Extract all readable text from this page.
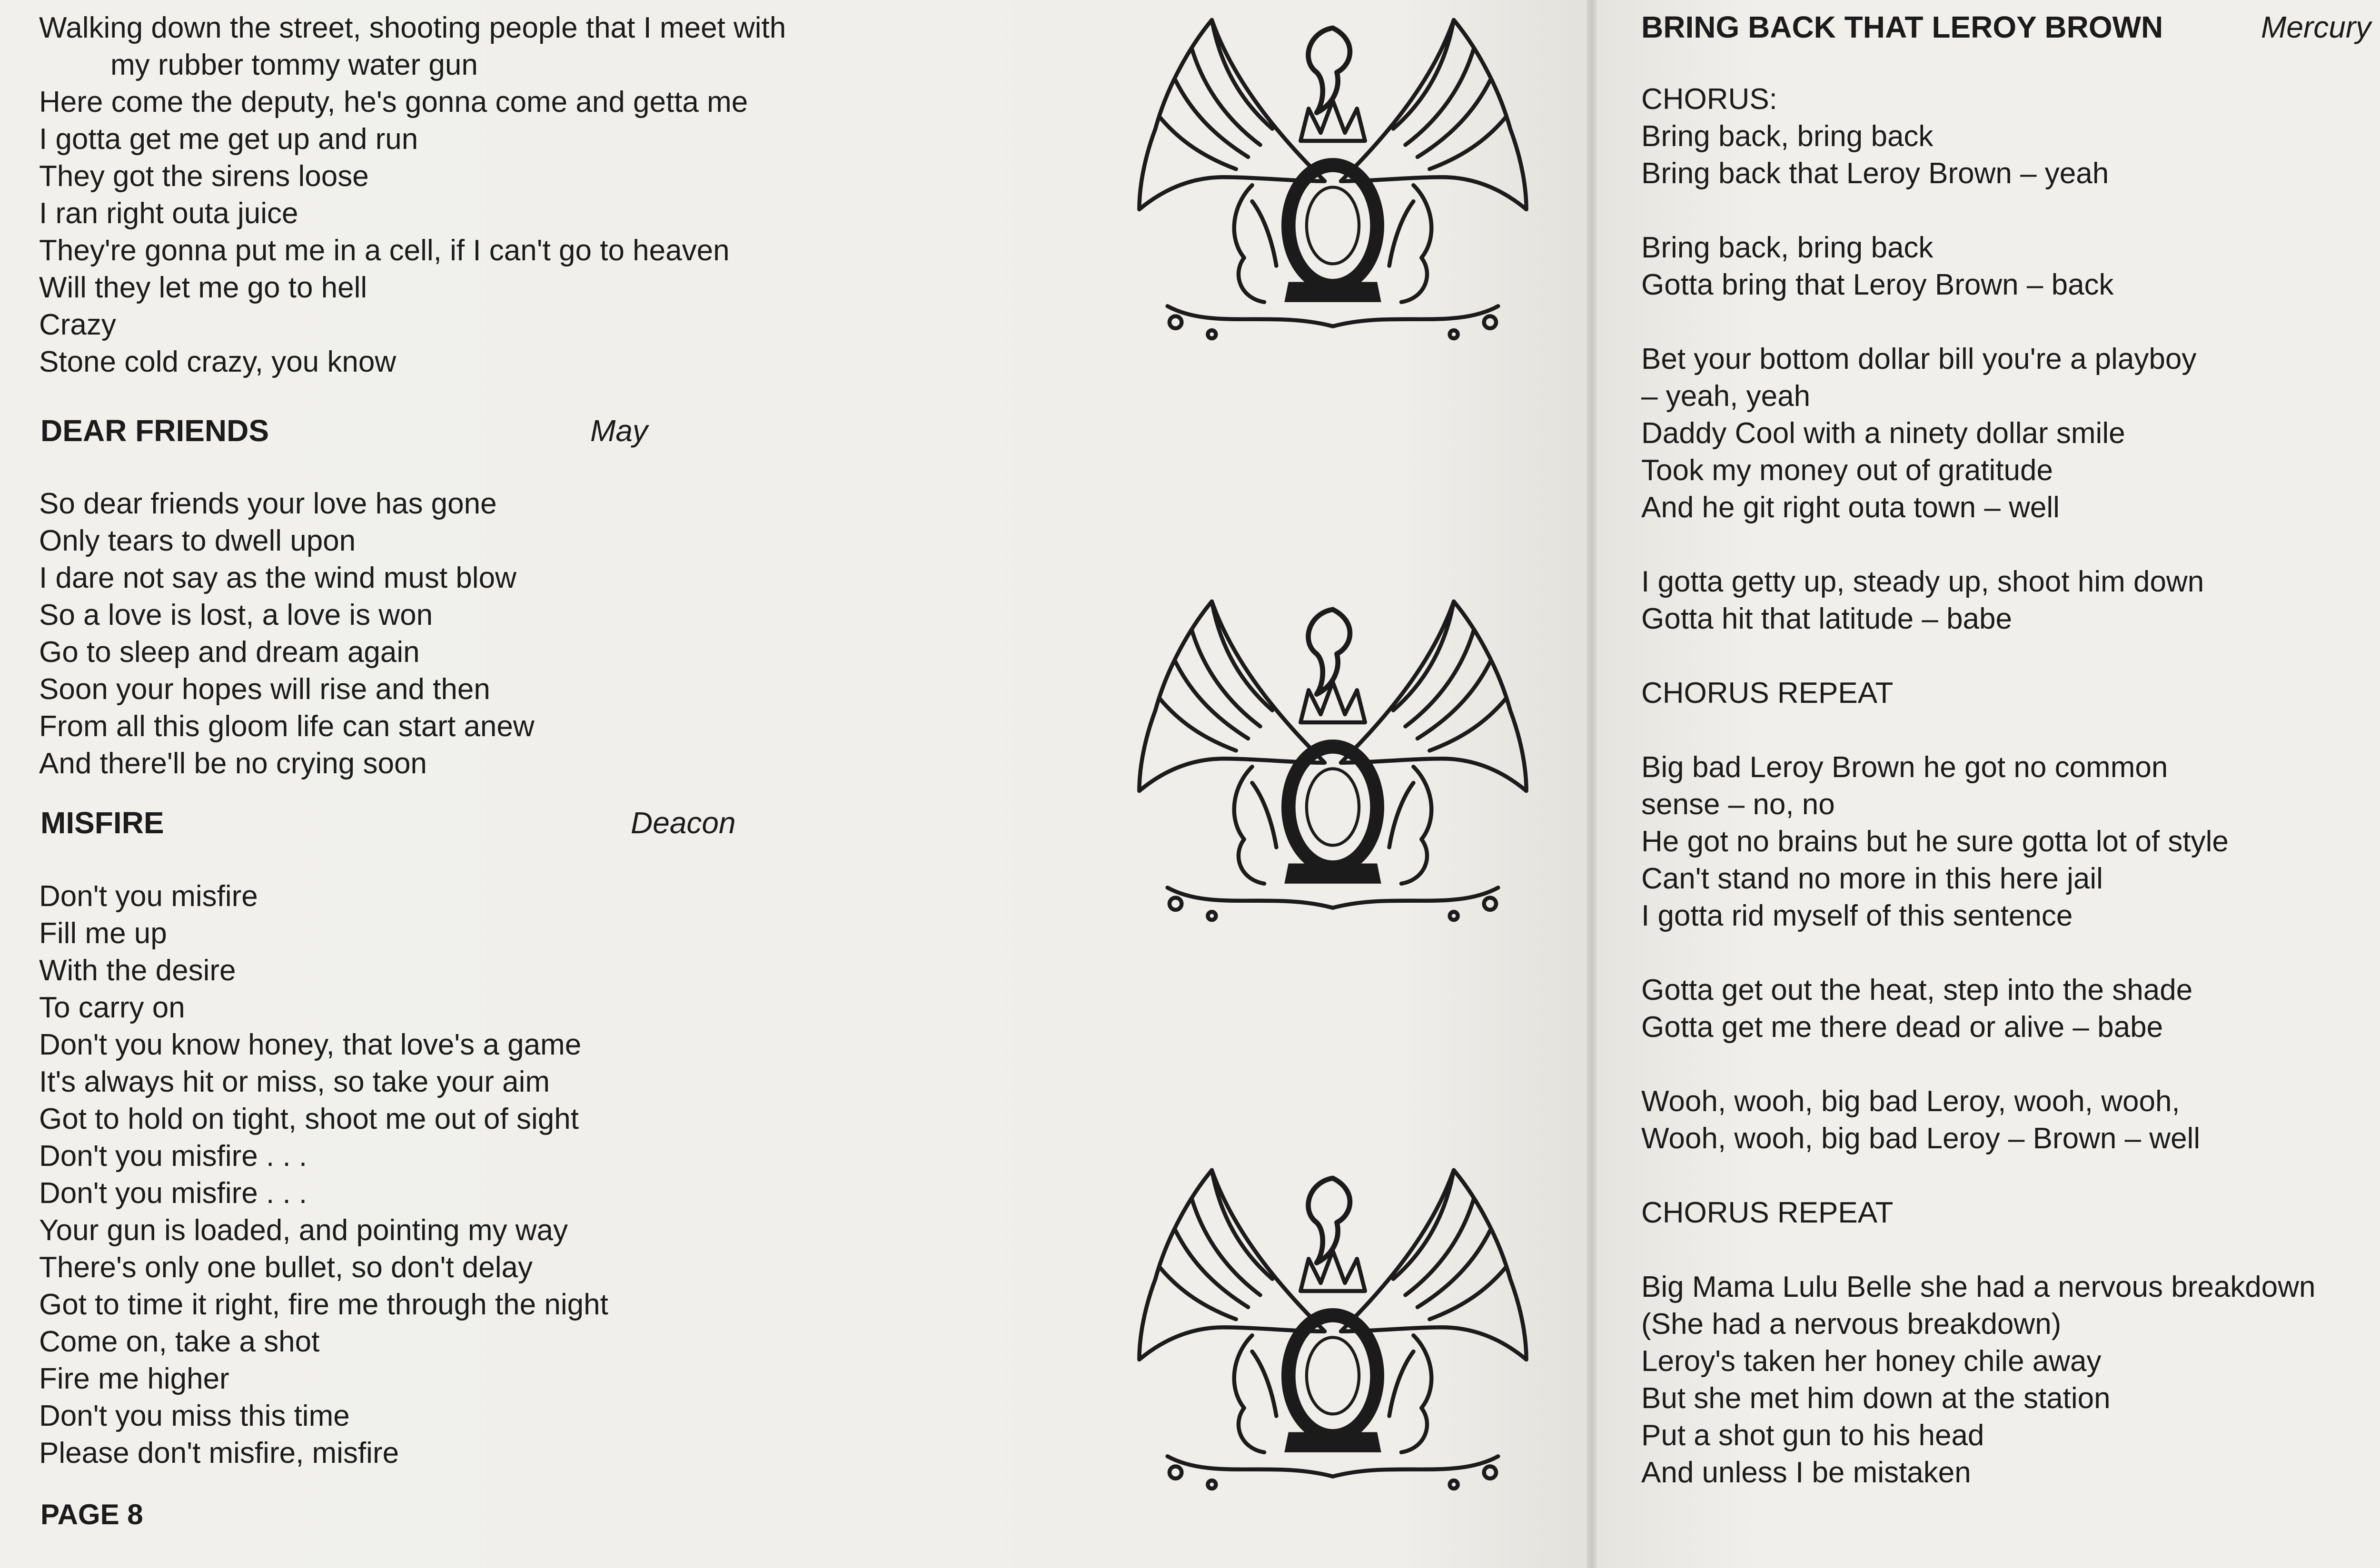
Walking down the street, shooting people that I meet with
my rubber tommy water gun
Here come the deputy, he's gonna come and getta me
I gotta get me get up and run
They got the sirens loose
I ran right outa juice
They're gonna put me in a cell, if I can't go to heaven
Will they let me go to hell
Crazy
Stone cold crazy, you know
DEAR FRIENDS	May
So dear friends your love has gone
Only tears to dwell upon
I dare not say as the wind must blow
So a love is lost, a love is won
Go to sleep and dream again
Soon your hopes will rise and then
From all this gloom life can start anew
And there'll be no crying soon
MISFIRE	Deacon
Don't you misfire
Fill me up
With the desire
To carry on
Don't you know honey, that love's a game
It's always hit or miss, so take your aim
Got to hold on tight, shoot me out of sight
Don't you misfire . . .
Don't you misfire . . .
Your gun is loaded, and pointing my way
There's only one bullet, so don't delay
Got to time it right, fire me through the night
Come on, take a shot
Fire me higher
Don't you miss this time
Please don't misfire, misfire
PAGE 8
BRING BACK THAT LEROY BROWN	Mercury
CHORUS:
Bring back, bring back
Bring back that Leroy Brown – yeah
Bring back, bring back
Gotta bring that Leroy Brown – back
Bet your bottom dollar bill you're a playboy
– yeah, yeah
Daddy Cool with a ninety dollar smile
Took my money out of gratitude
And he git right outa town – well
I gotta getty up, steady up, shoot him down
Gotta hit that latitude – babe
CHORUS REPEAT
Big bad Leroy Brown he got no common
sense – no, no
He got no brains but he sure gotta lot of style
Can't stand no more in this here jail
I gotta rid myself of this sentence
Gotta get out the heat, step into the shade
Gotta get me there dead or alive – babe
Wooh, wooh, big bad Leroy, wooh, wooh,
Wooh, wooh, big bad Leroy – Brown – well
CHORUS REPEAT
Big Mama Lulu Belle she had a nervous breakdown
(She had a nervous breakdown)
Leroy's taken her honey chile away
But she met him down at the station
Put a shot gun to his head
And unless I be mistaken
